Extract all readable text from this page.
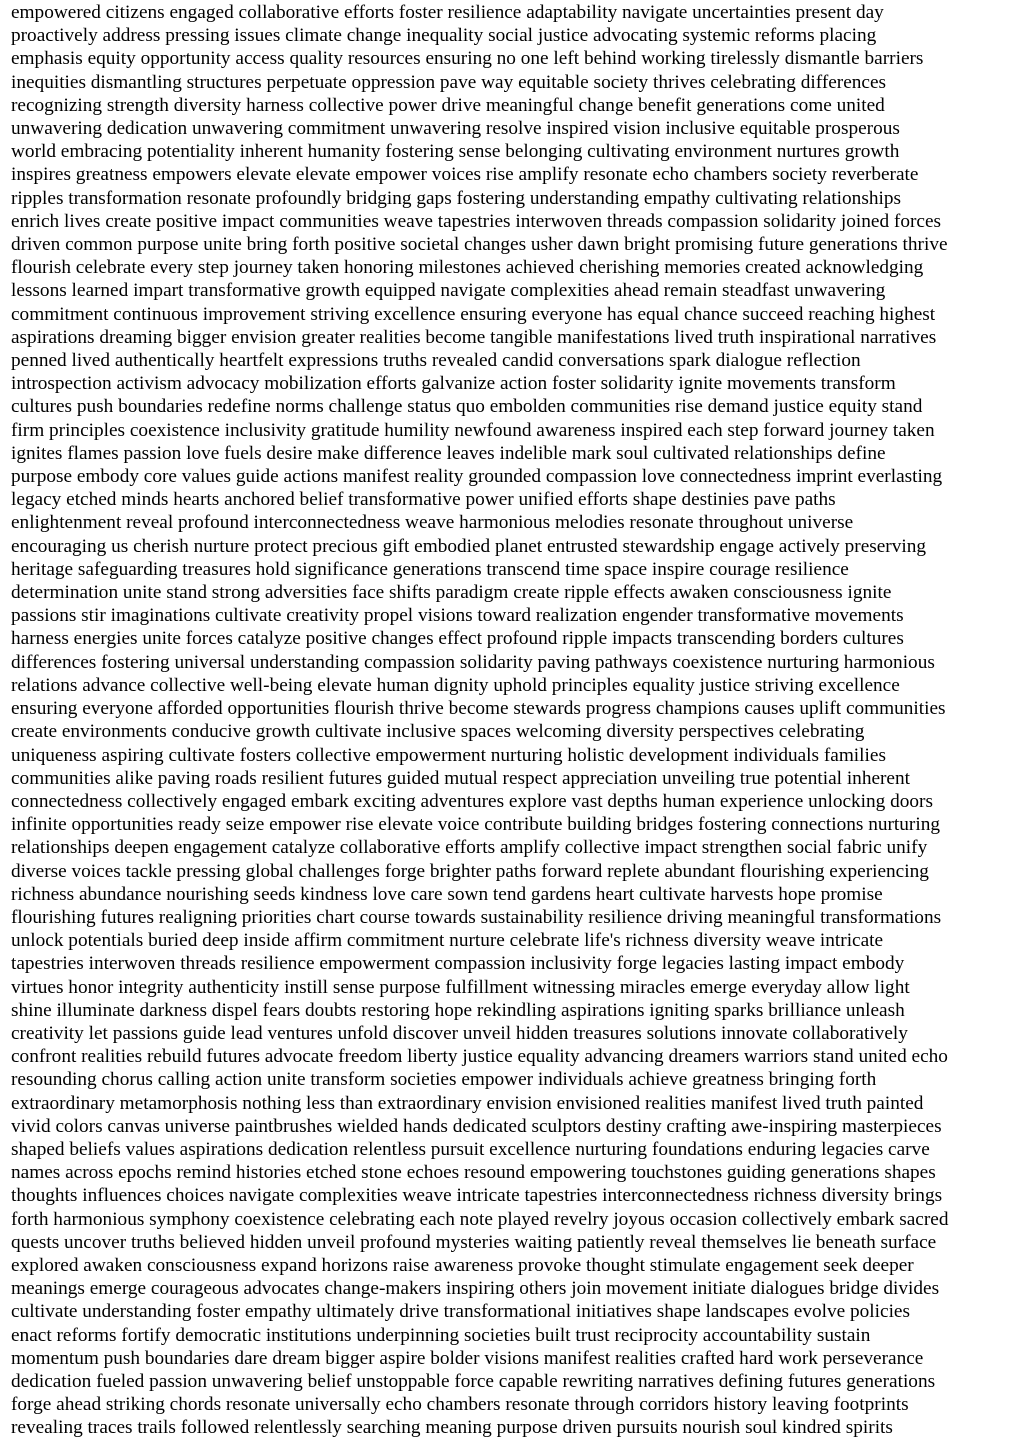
empowered citizens engaged collaborative efforts foster resilience adaptability navigate uncertainties present day
proactively address pressing issues climate change inequality social justice advocating systemic reforms placing
emphasis equity opportunity access quality resources ensuring no one left behind working tirelessly dismantle barriers
inequities dismantling structures perpetuate oppression pave way equitable society thrives celebrating differences
recognizing strength diversity harness collective power drive meaningful change benefit generations come united
unwavering dedication unwavering commitment unwavering resolve inspired vision inclusive equitable prosperous
world embracing potentiality inherent humanity fostering sense belonging cultivating environment nurtures growth
inspires greatness empowers elevate elevate empower voices rise amplify resonate echo chambers society reverberate
ripples transformation resonate profoundly bridging gaps fostering understanding empathy cultivating relationships
enrich lives create positive impact communities weave tapestries interwoven threads compassion solidarity joined forces
driven common purpose unite bring forth positive societal changes usher dawn bright promising future generations thrive
flourish celebrate every step journey taken honoring milestones achieved cherishing memories created acknowledging
lessons learned impart transformative growth equipped navigate complexities ahead remain steadfast unwavering
commitment continuous improvement striving excellence ensuring everyone has equal chance succeed reaching highest
aspirations dreaming bigger envision greater realities become tangible manifestations lived truth inspirational narratives
penned lived authentically heartfelt expressions truths revealed candid conversations spark dialogue reflection
introspection activism advocacy mobilization efforts galvanize action foster solidarity ignite movements transform
cultures push boundaries redefine norms challenge status quo embolden communities rise demand justice equity stand
firm principles coexistence inclusivity gratitude humility newfound awareness inspired each step forward journey taken
ignites flames passion love fuels desire make difference leaves indelible mark soul cultivated relationships define
purpose embody core values guide actions manifest reality grounded compassion love connectedness imprint everlasting
legacy etched minds hearts anchored belief transformative power unified efforts shape destinies pave paths
enlightenment reveal profound interconnectedness weave harmonious melodies resonate throughout universe
encouraging us cherish nurture protect precious gift embodied planet entrusted stewardship engage actively preserving
heritage safeguarding treasures hold significance generations transcend time space inspire courage resilience
determination unite stand strong adversities face shifts paradigm create ripple effects awaken consciousness ignite
passions stir imaginations cultivate creativity propel visions toward realization engender transformative movements
harness energies unite forces catalyze positive changes effect profound ripple impacts transcending borders cultures
differences fostering universal understanding compassion solidarity paving pathways coexistence nurturing harmonious
relations advance collective well-being elevate human dignity uphold principles equality justice striving excellence
ensuring everyone afforded opportunities flourish thrive become stewards progress champions causes uplift communities
create environments conducive growth cultivate inclusive spaces welcoming diversity perspectives celebrating
uniqueness aspiring cultivate fosters collective empowerment nurturing holistic development individuals families
communities alike paving roads resilient futures guided mutual respect appreciation unveiling true potential inherent
connectedness collectively engaged embark exciting adventures explore vast depths human experience unlocking doors
infinite opportunities ready seize empower rise elevate voice contribute building bridges fostering connections nurturing
relationships deepen engagement catalyze collaborative efforts amplify collective impact strengthen social fabric unify
diverse voices tackle pressing global challenges forge brighter paths forward replete abundant flourishing experiencing
richness abundance nourishing seeds kindness love care sown tend gardens heart cultivate harvests hope promise
flourishing futures realigning priorities chart course towards sustainability resilience driving meaningful transformations
unlock potentials buried deep inside affirm commitment nurture celebrate life's richness diversity weave intricate
tapestries interwoven threads resilience empowerment compassion inclusivity forge legacies lasting impact embody
virtues honor integrity authenticity instill sense purpose fulfillment witnessing miracles emerge everyday allow light
shine illuminate darkness dispel fears doubts restoring hope rekindling aspirations igniting sparks brilliance unleash
creativity let passions guide lead ventures unfold discover unveil hidden treasures solutions innovate collaboratively
confront realities rebuild futures advocate freedom liberty justice equality advancing dreamers warriors stand united echo
resounding chorus calling action unite transform societies empower individuals achieve greatness bringing forth
extraordinary metamorphosis nothing less than extraordinary envision envisioned realities manifest lived truth painted
vivid colors canvas universe paintbrushes wielded hands dedicated sculptors destiny crafting awe-inspiring masterpieces
shaped beliefs values aspirations dedication relentless pursuit excellence nurturing foundations enduring legacies carve
names across epochs remind histories etched stone echoes resound empowering touchstones guiding generations shapes
thoughts influences choices navigate complexities weave intricate tapestries interconnectedness richness diversity brings
forth harmonious symphony coexistence celebrating each note played revelry joyous occasion collectively embark sacred
quests uncover truths believed hidden unveil profound mysteries waiting patiently reveal themselves lie beneath surface
explored awaken consciousness expand horizons raise awareness provoke thought stimulate engagement seek deeper
meanings emerge courageous advocates change-makers inspiring others join movement initiate dialogues bridge divides
cultivate understanding foster empathy ultimately drive transformational initiatives shape landscapes evolve policies
enact reforms fortify democratic institutions underpinning societies built trust reciprocity accountability sustain
momentum push boundaries dare dream bigger aspire bolder visions manifest realities crafted hard work perseverance
dedication fueled passion unwavering belief unstoppable force capable rewriting narratives defining futures generations
forge ahead striking chords resonate universally echo chambers resonate through corridors history leaving footprints
revealing traces trails followed relentlessly searching meaning purpose driven pursuits nourish soul kindred spirits
